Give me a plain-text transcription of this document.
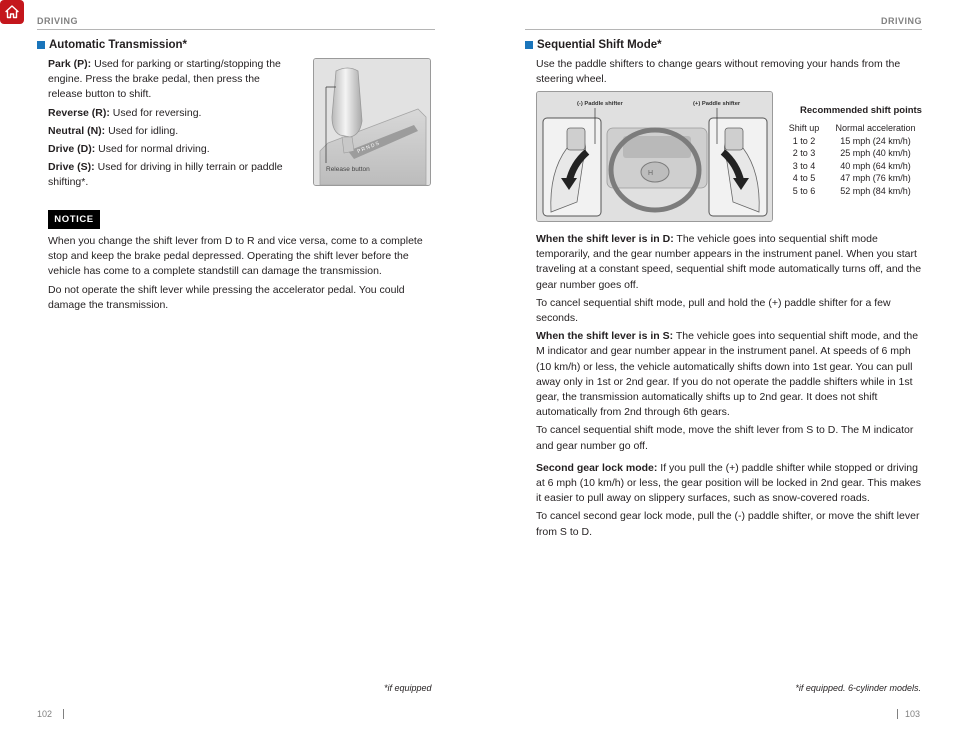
DRIVING	DRIVING
Automatic Transmission*

Park (P): Used for parking or starting/stopping the engine. Press the brake pedal, then press the release button to shift.

Reverse (R): Used for reversing.

Neutral (N): Used for idling.

Drive (D): Used for normal driving.

Drive (S): Used for driving in hilly terrain or paddle shifting*.

P R N D S
Release button
NOTICE

When you change the shift lever from D to R and vice versa, come to a complete stop and keep the brake pedal depressed. Operating the shift lever before the vehicle has come to a complete standstill can damage the transmission.

Do not operate the shift lever while pressing the accelerator pedal. You could damage the transmission.

*if equipped
102
Sequential Shift Mode*

Use the paddle shifters to change gears without removing your hands from the steering wheel.

H
(-) Paddle shifter	(+) Paddle shifter
Recommended shift points
Shift up
1 to 2
2 to 3
3 to 4
4 to 5
5 to 6

Normal acceleration
15 mph (24 km/h)
25 mph (40 km/h)
40 mph (64 km/h)
47 mph (76 km/h)
52 mph (84 km/h)

When the shift lever is in D: The vehicle goes into sequential shift mode temporarily, and the gear number appears in the instrument panel. When you start traveling at a constant speed, sequential shift mode automatically turns off, and the gear number goes off.

To cancel sequential shift mode, pull and hold the (+) paddle shifter for a few seconds.

When the shift lever is in S: The vehicle goes into sequential shift mode, and the M indicator and gear number appear in the instrument panel. At speeds of 6 mph (10 km/h) or less, the vehicle automatically shifts down into 1st gear. You can pull away only in 1st or 2nd gear. If you do not operate the paddle shifters while in 1st gear, the transmission automatically shifts up to 2nd gear. It does not shift automatically from 2nd through 6th gears.

To cancel sequential shift mode, move the shift lever from S to D. The M indicator and gear number go off.

Second gear lock mode: If you pull the (+) paddle shifter while stopped or driving at 6 mph (10 km/h) or less, the gear position will be locked in 2nd gear. This makes it easier to pull away on slippery surfaces, such as snow-covered roads.

To cancel second gear lock mode, pull the (-) paddle shifter, or move the shift lever from S to D.

*if equipped. 6-cylinder models.
103
